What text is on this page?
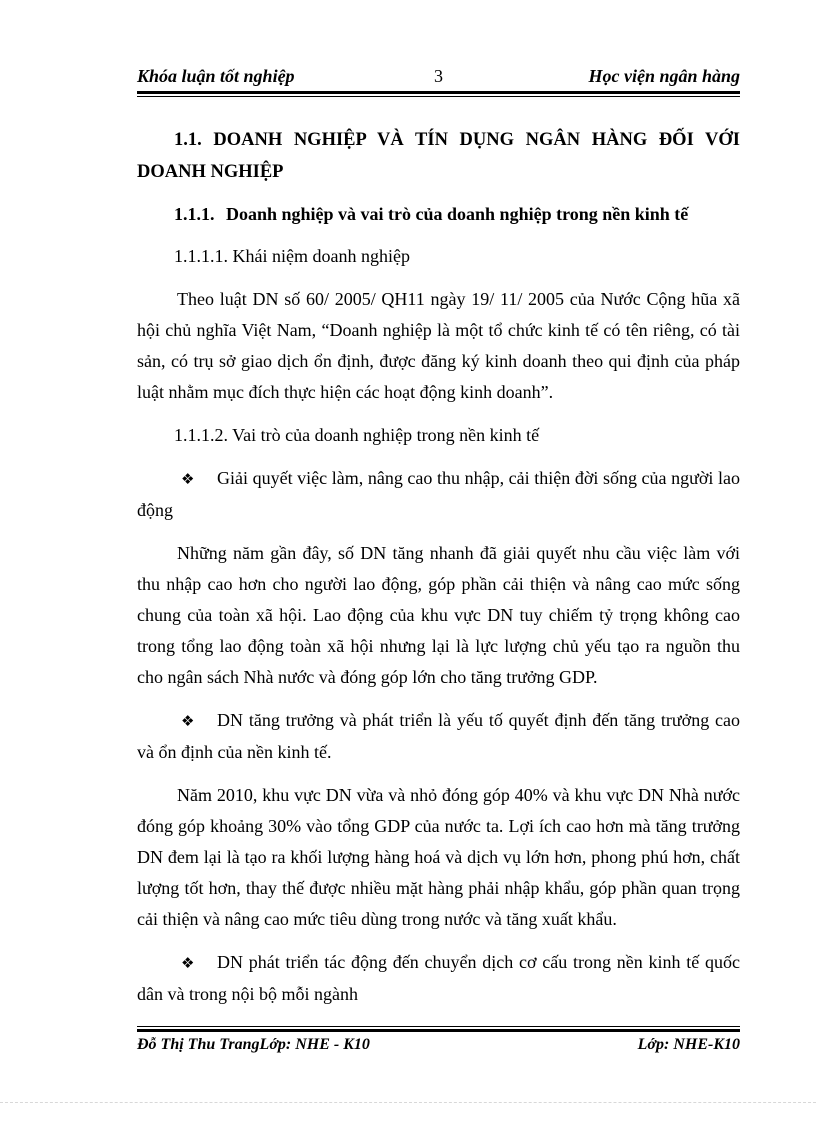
Khóa luận tốt nghiệp	3	Học viện ngân hàng

1.1. DOANH NGHIỆP VÀ TÍN DỤNG NGÂN HÀNG ĐỐI VỚI DOANH NGHIỆP

1.1.1. Doanh nghiệp và vai trò của doanh nghiệp trong nền kinh tế

1.1.1.1. Khái niệm doanh nghiệp

Theo luật DN số 60/ 2005/ QH11 ngày 19/ 11/ 2005 của Nước Cộng hũa xã hội chủ nghĩa Việt Nam, “Doanh nghiệp là một tổ chức kinh tế có tên riêng, có tài sản, có trụ sở giao dịch ổn định, được đăng ký kinh doanh theo qui định của pháp luật nhằm mục đích thực hiện các hoạt động kinh doanh”.

1.1.1.2. Vai trò của doanh nghiệp trong nền kinh tế

❖ Giải quyết việc làm, nâng cao thu nhập, cải thiện đời sống của người lao động

Những năm gần đây, số DN tăng nhanh đã giải quyết nhu cầu việc làm với thu nhập cao hơn cho người lao động, góp phần cải thiện và nâng cao mức sống chung của toàn xã hội. Lao động của khu vực DN tuy chiếm tỷ trọng không cao trong tổng lao động toàn xã hội nhưng lại là lực lượng chủ yếu tạo ra nguồn thu cho ngân sách Nhà nước và đóng góp lớn cho tăng trưởng GDP.

❖ DN tăng trưởng và phát triển là yếu tố quyết định đến tăng trưởng cao và ổn định của nền kinh tế.

Năm 2010, khu vực DN vừa và nhỏ đóng góp 40% và khu vực DN Nhà nước đóng góp khoảng 30% vào tổng GDP của nước ta. Lợi ích cao hơn mà tăng trưởng DN đem lại là tạo ra khối lượng hàng hoá và dịch vụ lớn hơn, phong phú hơn, chất lượng tốt hơn, thay thế được nhiều mặt hàng phải nhập khẩu, góp phần quan trọng cải thiện và nâng cao mức tiêu dùng trong nước và tăng xuất khẩu.

❖ DN phát triển tác động đến chuyển dịch cơ cấu trong nền kinh tế quốc dân và trong nội bộ mỗi ngành

Đỗ Thị Thu TrangLớp: NHE - K10	Lớp: NHE-K10
